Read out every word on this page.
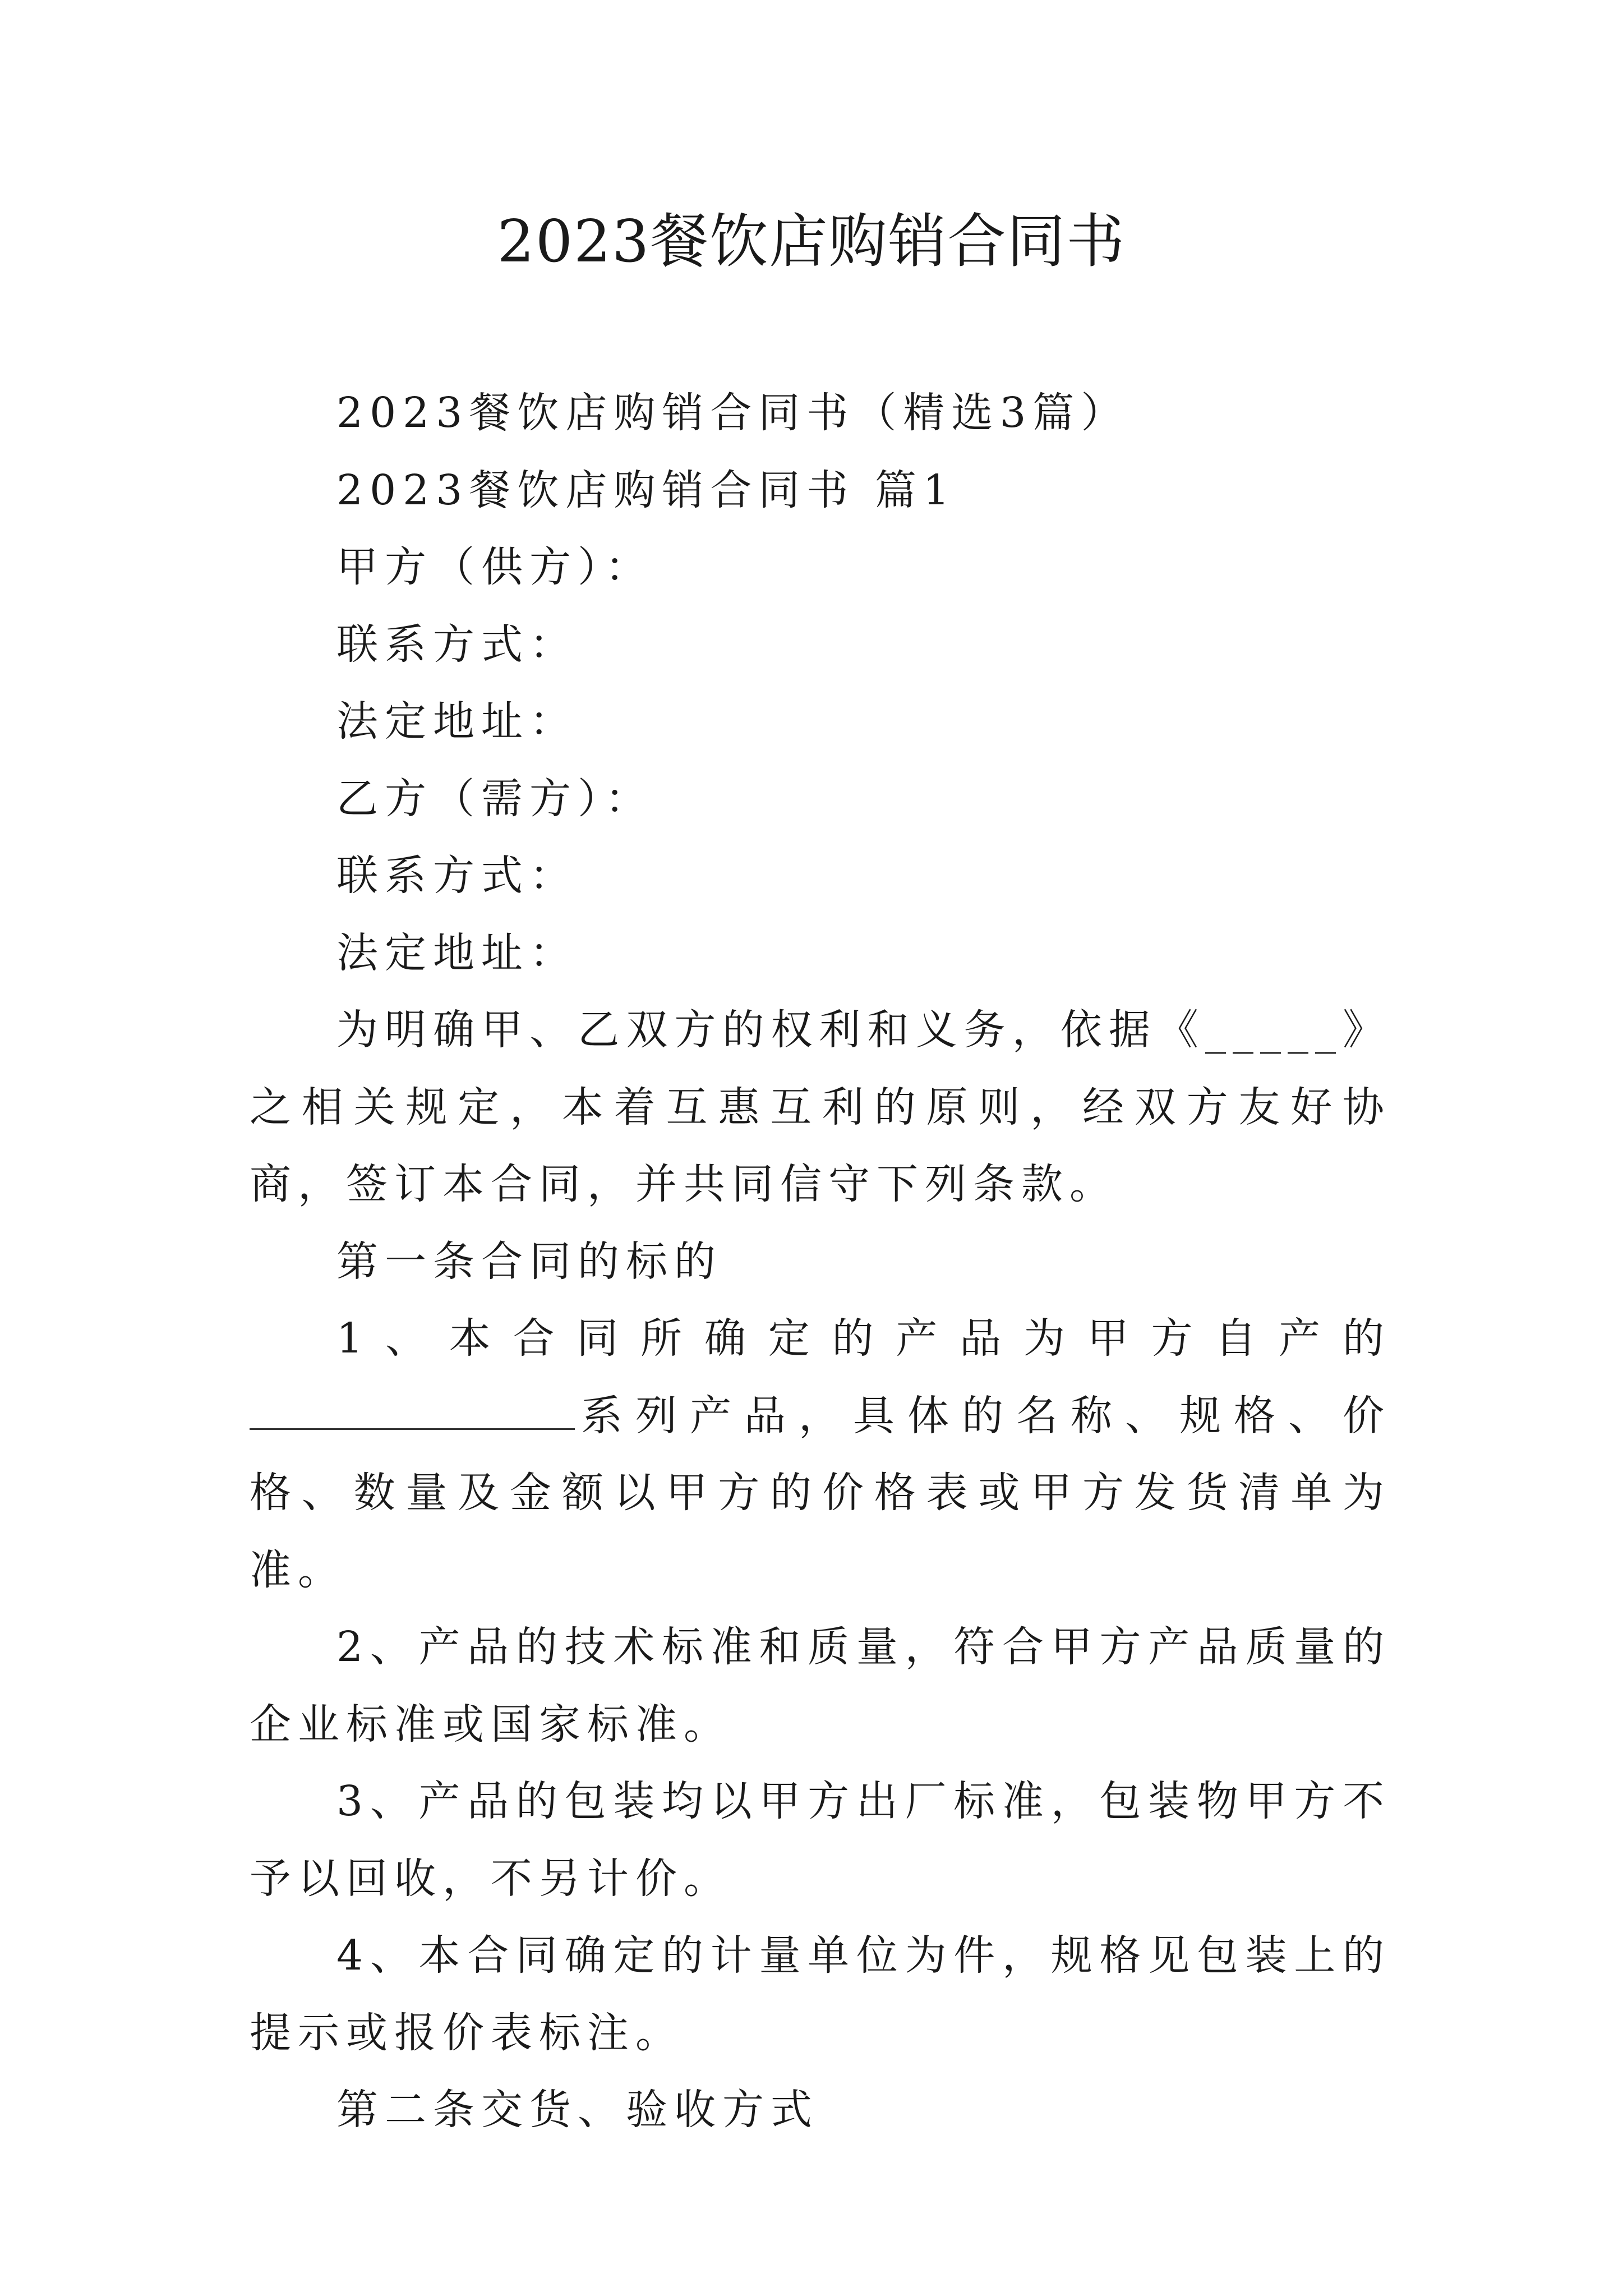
2023餐饮店购销合同书
2023餐饮店购销合同书（精选3篇）
2023餐饮店购销合同书 篇1
甲方（供方）：
联系方式：
法定地址：
乙方（需方）：
联系方式：
法定地址：
为明确甲、乙双方的权利和义务，依据《_____》之相关规定，本着互惠互利的原则，经双方友好协商，签订本合同，并共同信守下列条款。
第一条合同的标的
1、本合同所确定的产品为甲方自产的系列产品，具体的名称、规格、价格、数量及金额以甲方的价格表或甲方发货清单为准。
2、产品的技术标准和质量，符合甲方产品质量的企业标准或国家标准。
3、产品的包装均以甲方出厂标准，包装物甲方不予以回收，不另计价。
4、本合同确定的计量单位为件，规格见包装上的提示或报价表标注。
第二条交货、验收方式
